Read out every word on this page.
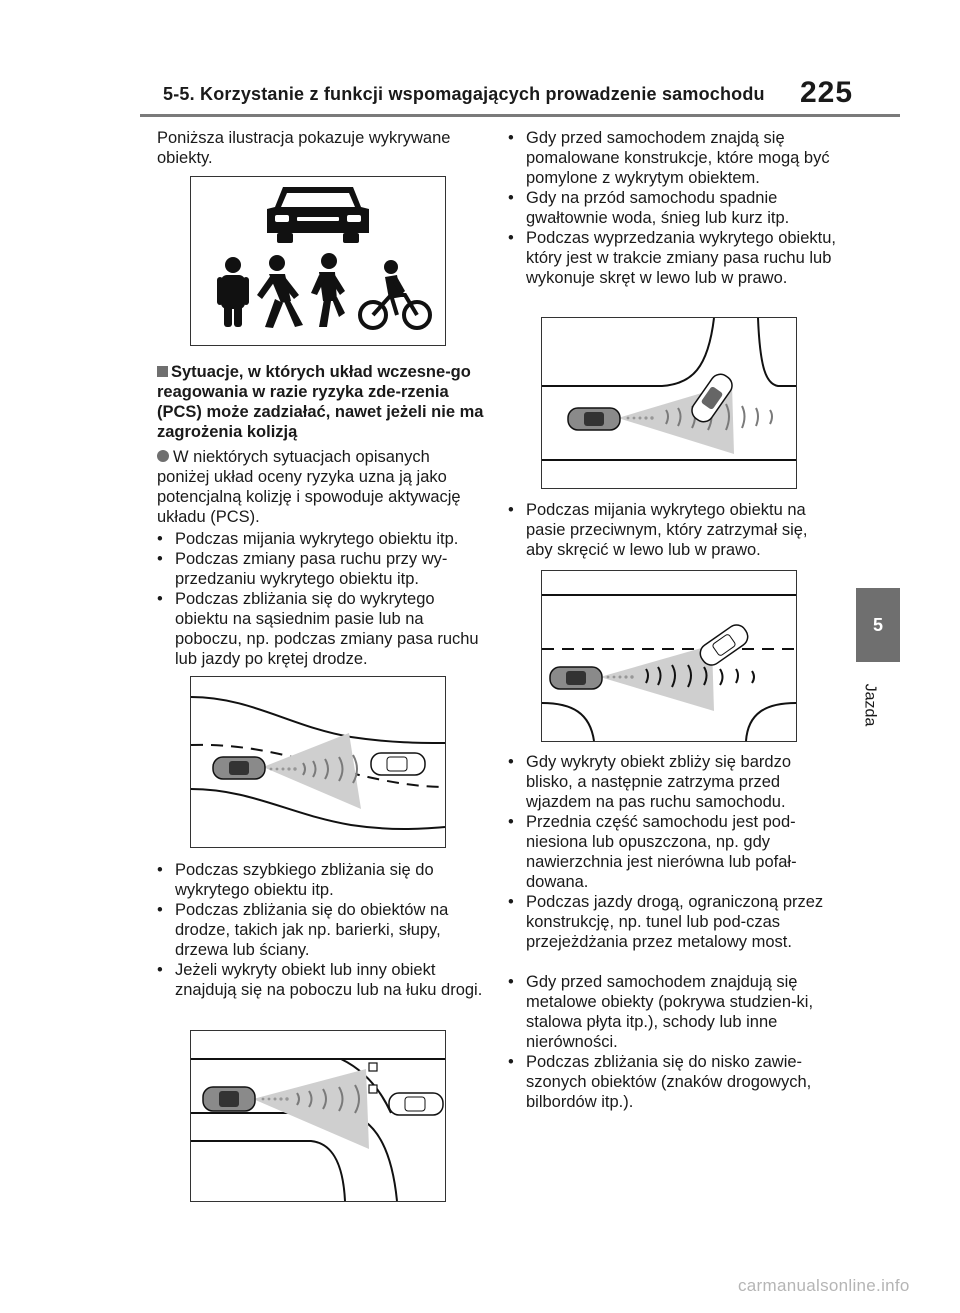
5-5. Korzystanie z funkcji wspomagających prowadzenie samochodu 225
5
Jazda

Poniższa ilustracja pokazuje wykrywane obiekty.

Sytuacje, w których układ wczesne-go reagowania w razie ryzyka zde-rzenia (PCS) może zadziałać, nawet jeżeli nie ma zagrożenia kolizją
W niektórych sytuacjach opisanych poniżej układ oceny ryzyka uzna ją jako potencjalną kolizję i spowoduje aktywację układu (PCS).
• Podczas mijania wykrytego obiektu itp.
• Podczas zmiany pasa ruchu przy wy-przedzaniu wykrytego obiektu itp.
• Podczas zbliżania się do wykrytego obiektu na sąsiednim pasie lub na poboczu, np. podczas zmiany pasa ruchu lub jazdy po krętej drodze.
• Podczas szybkiego zbliżania się do wykrytego obiektu itp.
• Podczas zbliżania się do obiektów na drodze, takich jak np. barierki, słupy, drzewa lub ściany.
• Jeżeli wykryty obiekt lub inny obiekt znajdują się na poboczu lub na łuku drogi.
• Gdy przed samochodem znajdą się pomalowane konstrukcje, które mogą być pomylone z wykrytym obiektem.
• Gdy na przód samochodu spadnie gwałtownie woda, śnieg lub kurz itp.
• Podczas wyprzedzania wykrytego obiektu, który jest w trakcie zmiany pasa ruchu lub wykonuje skręt w lewo lub w prawo.
• Podczas mijania wykrytego obiektu na pasie przeciwnym, który zatrzymał się, aby skręcić w lewo lub w prawo.
• Gdy wykryty obiekt zbliży się bardzo blisko, a następnie zatrzyma przed wjazdem na pas ruchu samochodu.
• Przednia część samochodu jest pod-niesiona lub opuszczona, np. gdy nawierzchnia jest nierówna lub pofał-dowana.
• Podczas jazdy drogą, ograniczoną przez konstrukcję, np. tunel lub pod-czas przejeżdżania przez metalowy most.
• Gdy przed samochodem znajdują się metalowe obiekty (pokrywa studzien-ki, stalowa płyta itp.), schody lub inne nierówności.
• Podczas zbliżania się do nisko zawie-szonych obiektów (znaków drogowych, bilbordów itp.).
carmanualsonline.info
